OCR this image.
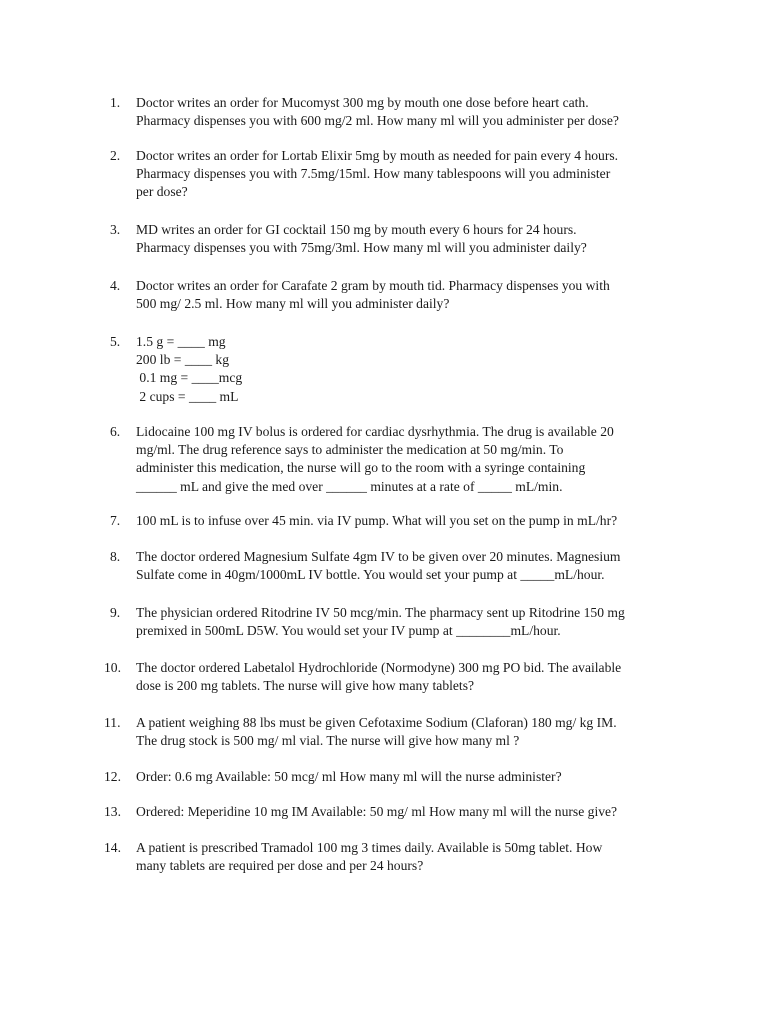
1.	Doctor writes an order for Mucomyst 300 mg by mouth one dose before heart cath.
Pharmacy dispenses you with 600 mg/2 ml. How many ml will you administer per dose?
2.	Doctor writes an order for Lortab Elixir 5mg by mouth as needed for pain every 4 hours.
Pharmacy dispenses you with 7.5mg/15ml. How many tablespoons will you administer
per dose?
3.	MD writes an order for GI cocktail 150 mg by mouth every 6 hours for 24 hours.
Pharmacy dispenses you with 75mg/3ml. How many ml will you administer daily?
4.	Doctor writes an order for Carafate 2 gram by mouth tid. Pharmacy dispenses you with
500 mg/ 2.5 ml. How many ml will you administer daily?
5.	1.5 g = ____ mg
200 lb = ____ kg
0.1 mg = ____mcg
2 cups = ____ mL
6.	Lidocaine 100 mg IV bolus is ordered for cardiac dysrhythmia. The drug is available 20
mg/ml. The drug reference says to administer the medication at 50 mg/min. To
administer this medication, the nurse will go to the room with a syringe containing
______ mL and give the med over ______ minutes at a rate of _____ mL/min.
7.	100 mL is to infuse over 45 min. via IV pump. What will you set on the pump in mL/hr?
8.	The doctor ordered Magnesium Sulfate 4gm IV to be given over 20 minutes. Magnesium
Sulfate come in 40gm/1000mL IV bottle. You would set your pump at _____mL/hour.
9.	The physician ordered Ritodrine IV 50 mcg/min. The pharmacy sent up Ritodrine 150 mg
premixed in 500mL D5W. You would set your IV pump at ________mL/hour.
10.	The doctor ordered Labetalol Hydrochloride (Normodyne) 300 mg PO bid. The available
dose is 200 mg tablets. The nurse will give how many tablets?
11.	A patient weighing 88 lbs must be given Cefotaxime Sodium (Claforan) 180 mg/ kg IM.
The drug stock is 500 mg/ ml vial. The nurse will give how many ml ?
12.	Order: 0.6 mg Available: 50 mcg/ ml How many ml will the nurse administer?
13.	Ordered: Meperidine 10 mg IM Available: 50 mg/ ml How many ml will the nurse give?
14.	A patient is prescribed Tramadol 100 mg 3 times daily. Available is 50mg tablet. How
many tablets are required per dose and per 24 hours?
